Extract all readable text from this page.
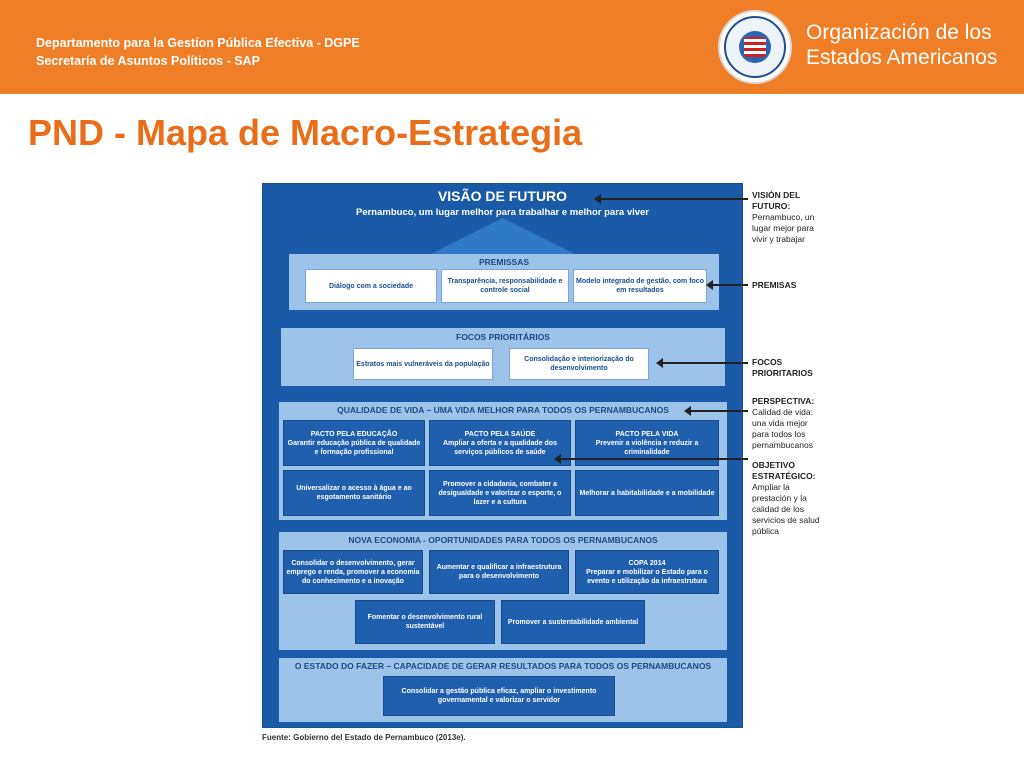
Departamento para la Gestíon Pública Efectiva - DGPE
Secretaría de Asuntos Políticos - SAP
Organización de los
Estados Americanos
PND - Mapa de Macro-Estrategia
VISÃO DE FUTURO
Pernambuco, um lugar melhor para trabalhar e melhor para viver
PREMISSAS
Diálogo com a sociedade
Transparência, responsabilidade e controle social
Modelo integrado de gestão, com foco em resultados
FOCOS PRIORITÁRIOS
Estratos mais vulneráveis da população
Consolidação e interiorização do desenvolvimento
QUALIDADE DE VIDA – UMA VIDA MELHOR PARA TODOS OS PERNAMBUCANOS
PACTO PELA EDUCAÇÃO
Garantir educação pública de qualidade e formação profissional
PACTO PELA SAÚDE
Ampliar a oferta e a qualidade dos serviços públicos de saúde
PACTO PELA VIDA
Prevenir a violência e reduzir a criminalidade
Universalizar o acesso à água e ao esgotamento sanitário
Promover a cidadania, combater a desigualdade e valorizar o esporte, o lazer e a cultura
Melhorar a habitabilidade e a mobilidade
NOVA ECONOMIA - OPORTUNIDADES PARA TODOS OS PERNAMBUCANOS
Consolidar o desenvolvimento, gerar emprego e renda, promover a economia do conhecimento e a inovação
Aumentar e qualificar a infraestrutura para o desenvolvimento
COPA 2014
Preparar e mobilizar o Estado para o evento e utilização da infraestrutura
Fomentar o desenvolvimento rural sustentável
Promover a sustentabilidade ambiental
O ESTADO DO FAZER – CAPACIDADE DE GERAR RESULTADOS PARA TODOS OS PERNAMBUCANOS
Consolidar a gestão pública eficaz, ampliar o investimento governamental e valorizar o servidor
Fuente: Gobierno del Estado de Pernambuco (2013e).
VISIÓN DEL FUTURO:
Pernambuco, un lugar mejor para vivir y trabajar
PREMISAS
FOCOS PRIORITARIOS
PERSPECTIVA:
Calidad de vida: una vida mejor para todos los pernambucanos
OBJETIVO ESTRATÉGICO:
Ampliar la prestación y la calidad de los servicios de salud pública
